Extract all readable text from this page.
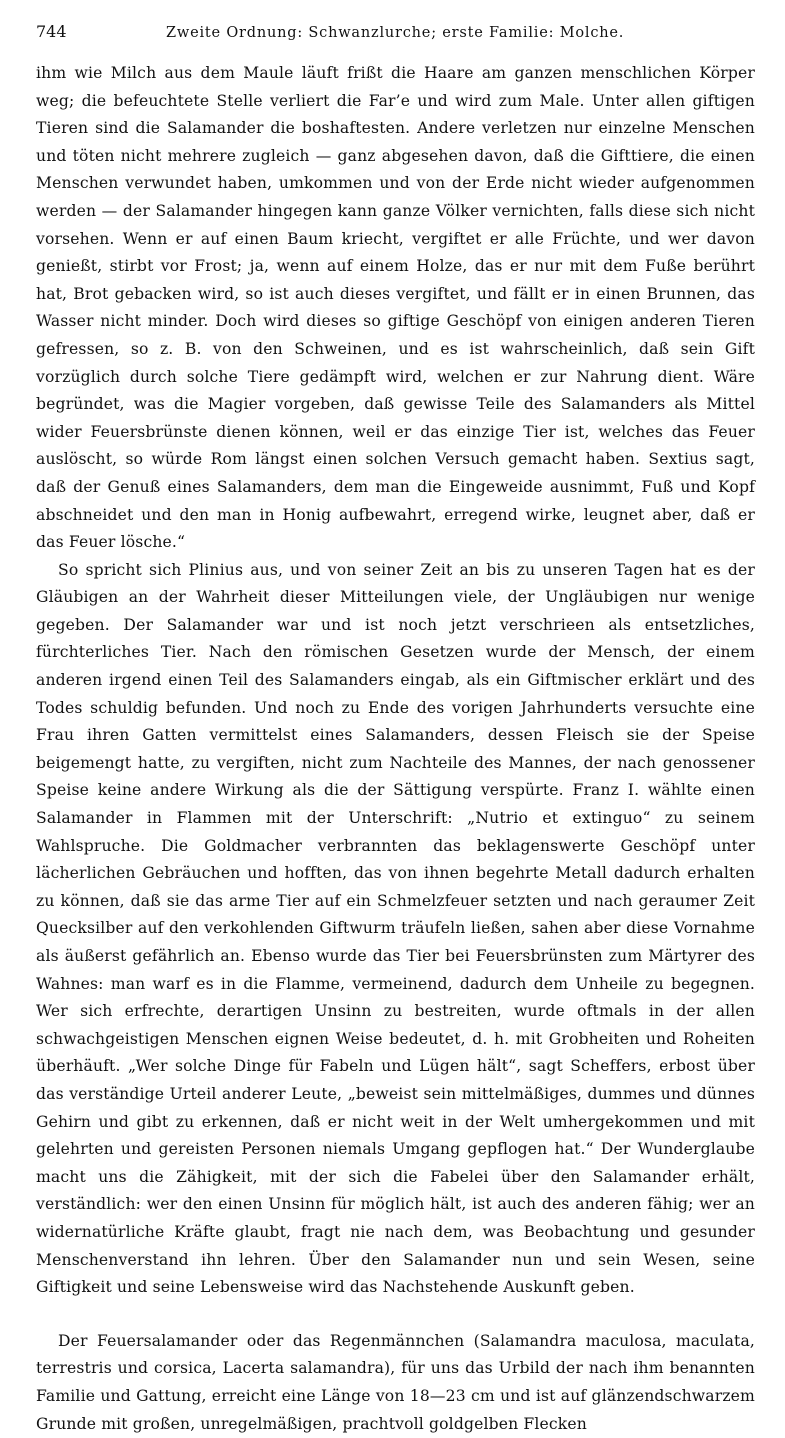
744	Zweite Ordnung: Schwanzlurche; erste Familie: Molche.

ihm wie Milch aus dem Maule läuft frißt die Haare am ganzen menschlichen Körper weg; die befeuchtete Stelle verliert die Far’e und wird zum Male. Unter allen giftigen Tieren sind die Salamander die boshaftesten. Andere verletzen nur einzelne Menschen und töten nicht mehrere zugleich — ganz abgesehen davon, daß die Gifttiere, die einen Menschen verwundet haben, umkommen und von der Erde nicht wieder aufgenommen werden — der Salamander hingegen kann ganze Völker vernichten, falls diese sich nicht vorsehen. Wenn er auf einen Baum kriecht, vergiftet er alle Früchte, und wer davon genießt, stirbt vor Frost; ja, wenn auf einem Holze, das er nur mit dem Fuße berührt hat, Brot gebacken wird, so ist auch dieses vergiftet, und fällt er in einen Brunnen, das Wasser nicht minder. Doch wird dieses so giftige Geschöpf von einigen anderen Tieren gefressen, so z. B. von den Schweinen, und es ist wahrscheinlich, daß sein Gift vorzüglich durch solche Tiere gedämpft wird, welchen er zur Nahrung dient. Wäre begründet, was die Magier vorgeben, daß gewisse Teile des Salamanders als Mittel wider Feuersbrünste dienen können, weil er das einzige Tier ist, welches das Feuer auslöscht, so würde Rom längst einen solchen Versuch gemacht haben. Sextius sagt, daß der Genuß eines Salamanders, dem man die Eingeweide ausnimmt, Fuß und Kopf abschneidet und den man in Honig aufbewahrt, erregend wirke, leugnet aber, daß er das Feuer lösche.“

So spricht sich Plinius aus, und von seiner Zeit an bis zu unseren Tagen hat es der Gläubigen an der Wahrheit dieser Mitteilungen viele, der Ungläubigen nur wenige gegeben. Der Salamander war und ist noch jetzt verschrieen als entsetzliches, fürchterliches Tier. Nach den römischen Gesetzen wurde der Mensch, der einem anderen irgend einen Teil des Salamanders eingab, als ein Giftmischer erklärt und des Todes schuldig befunden. Und noch zu Ende des vorigen Jahrhunderts versuchte eine Frau ihren Gatten vermittelst eines Salamanders, dessen Fleisch sie der Speise beigemengt hatte, zu vergiften, nicht zum Nachteile des Mannes, der nach genossener Speise keine andere Wirkung als die der Sättigung verspürte. Franz I. wählte einen Salamander in Flammen mit der Unterschrift: „Nutrio et extinguo“ zu seinem Wahlspruche. Die Goldmacher verbrannten das beklagenswerte Geschöpf unter lächerlichen Gebräuchen und hofften, das von ihnen begehrte Metall dadurch erhalten zu können, daß sie das arme Tier auf ein Schmelzfeuer setzten und nach geraumer Zeit Quecksilber auf den verkohlenden Giftwurm träufeln ließen, sahen aber diese Vornahme als äußerst gefährlich an. Ebenso wurde das Tier bei Feuersbrünsten zum Märtyrer des Wahnes: man warf es in die Flamme, vermeinend, dadurch dem Unheile zu begegnen. Wer sich erfrechte, derartigen Unsinn zu bestreiten, wurde oftmals in der allen schwachgeistigen Menschen eignen Weise bedeutet, d. h. mit Grobheiten und Roheiten überhäuft. „Wer solche Dinge für Fabeln und Lügen hält“, sagt Scheffers, erbost über das verständige Urteil anderer Leute, „beweist sein mittelmäßiges, dummes und dünnes Gehirn und gibt zu erkennen, daß er nicht weit in der Welt umhergekommen und mit gelehrten und gereisten Personen niemals Umgang gepflogen hat.“ Der Wunderglaube macht uns die Zähigkeit, mit der sich die Fabelei über den Salamander erhält, verständlich: wer den einen Unsinn für möglich hält, ist auch des anderen fähig; wer an widernatürliche Kräfte glaubt, fragt nie nach dem, was Beobachtung und gesunder Menschenverstand ihn lehren. Über den Salamander nun und sein Wesen, seine Giftigkeit und seine Lebensweise wird das Nachstehende Auskunft geben.

Der Feuersalamander oder das Regenmännchen (Salamandra maculosa, maculata, terrestris und corsica, Lacerta salamandra), für uns das Urbild der nach ihm benannten Familie und Gattung, erreicht eine Länge von 18—23 cm und ist auf glänzendschwarzem Grunde mit großen, unregelmäßigen, prachtvoll goldgelben Flecken
